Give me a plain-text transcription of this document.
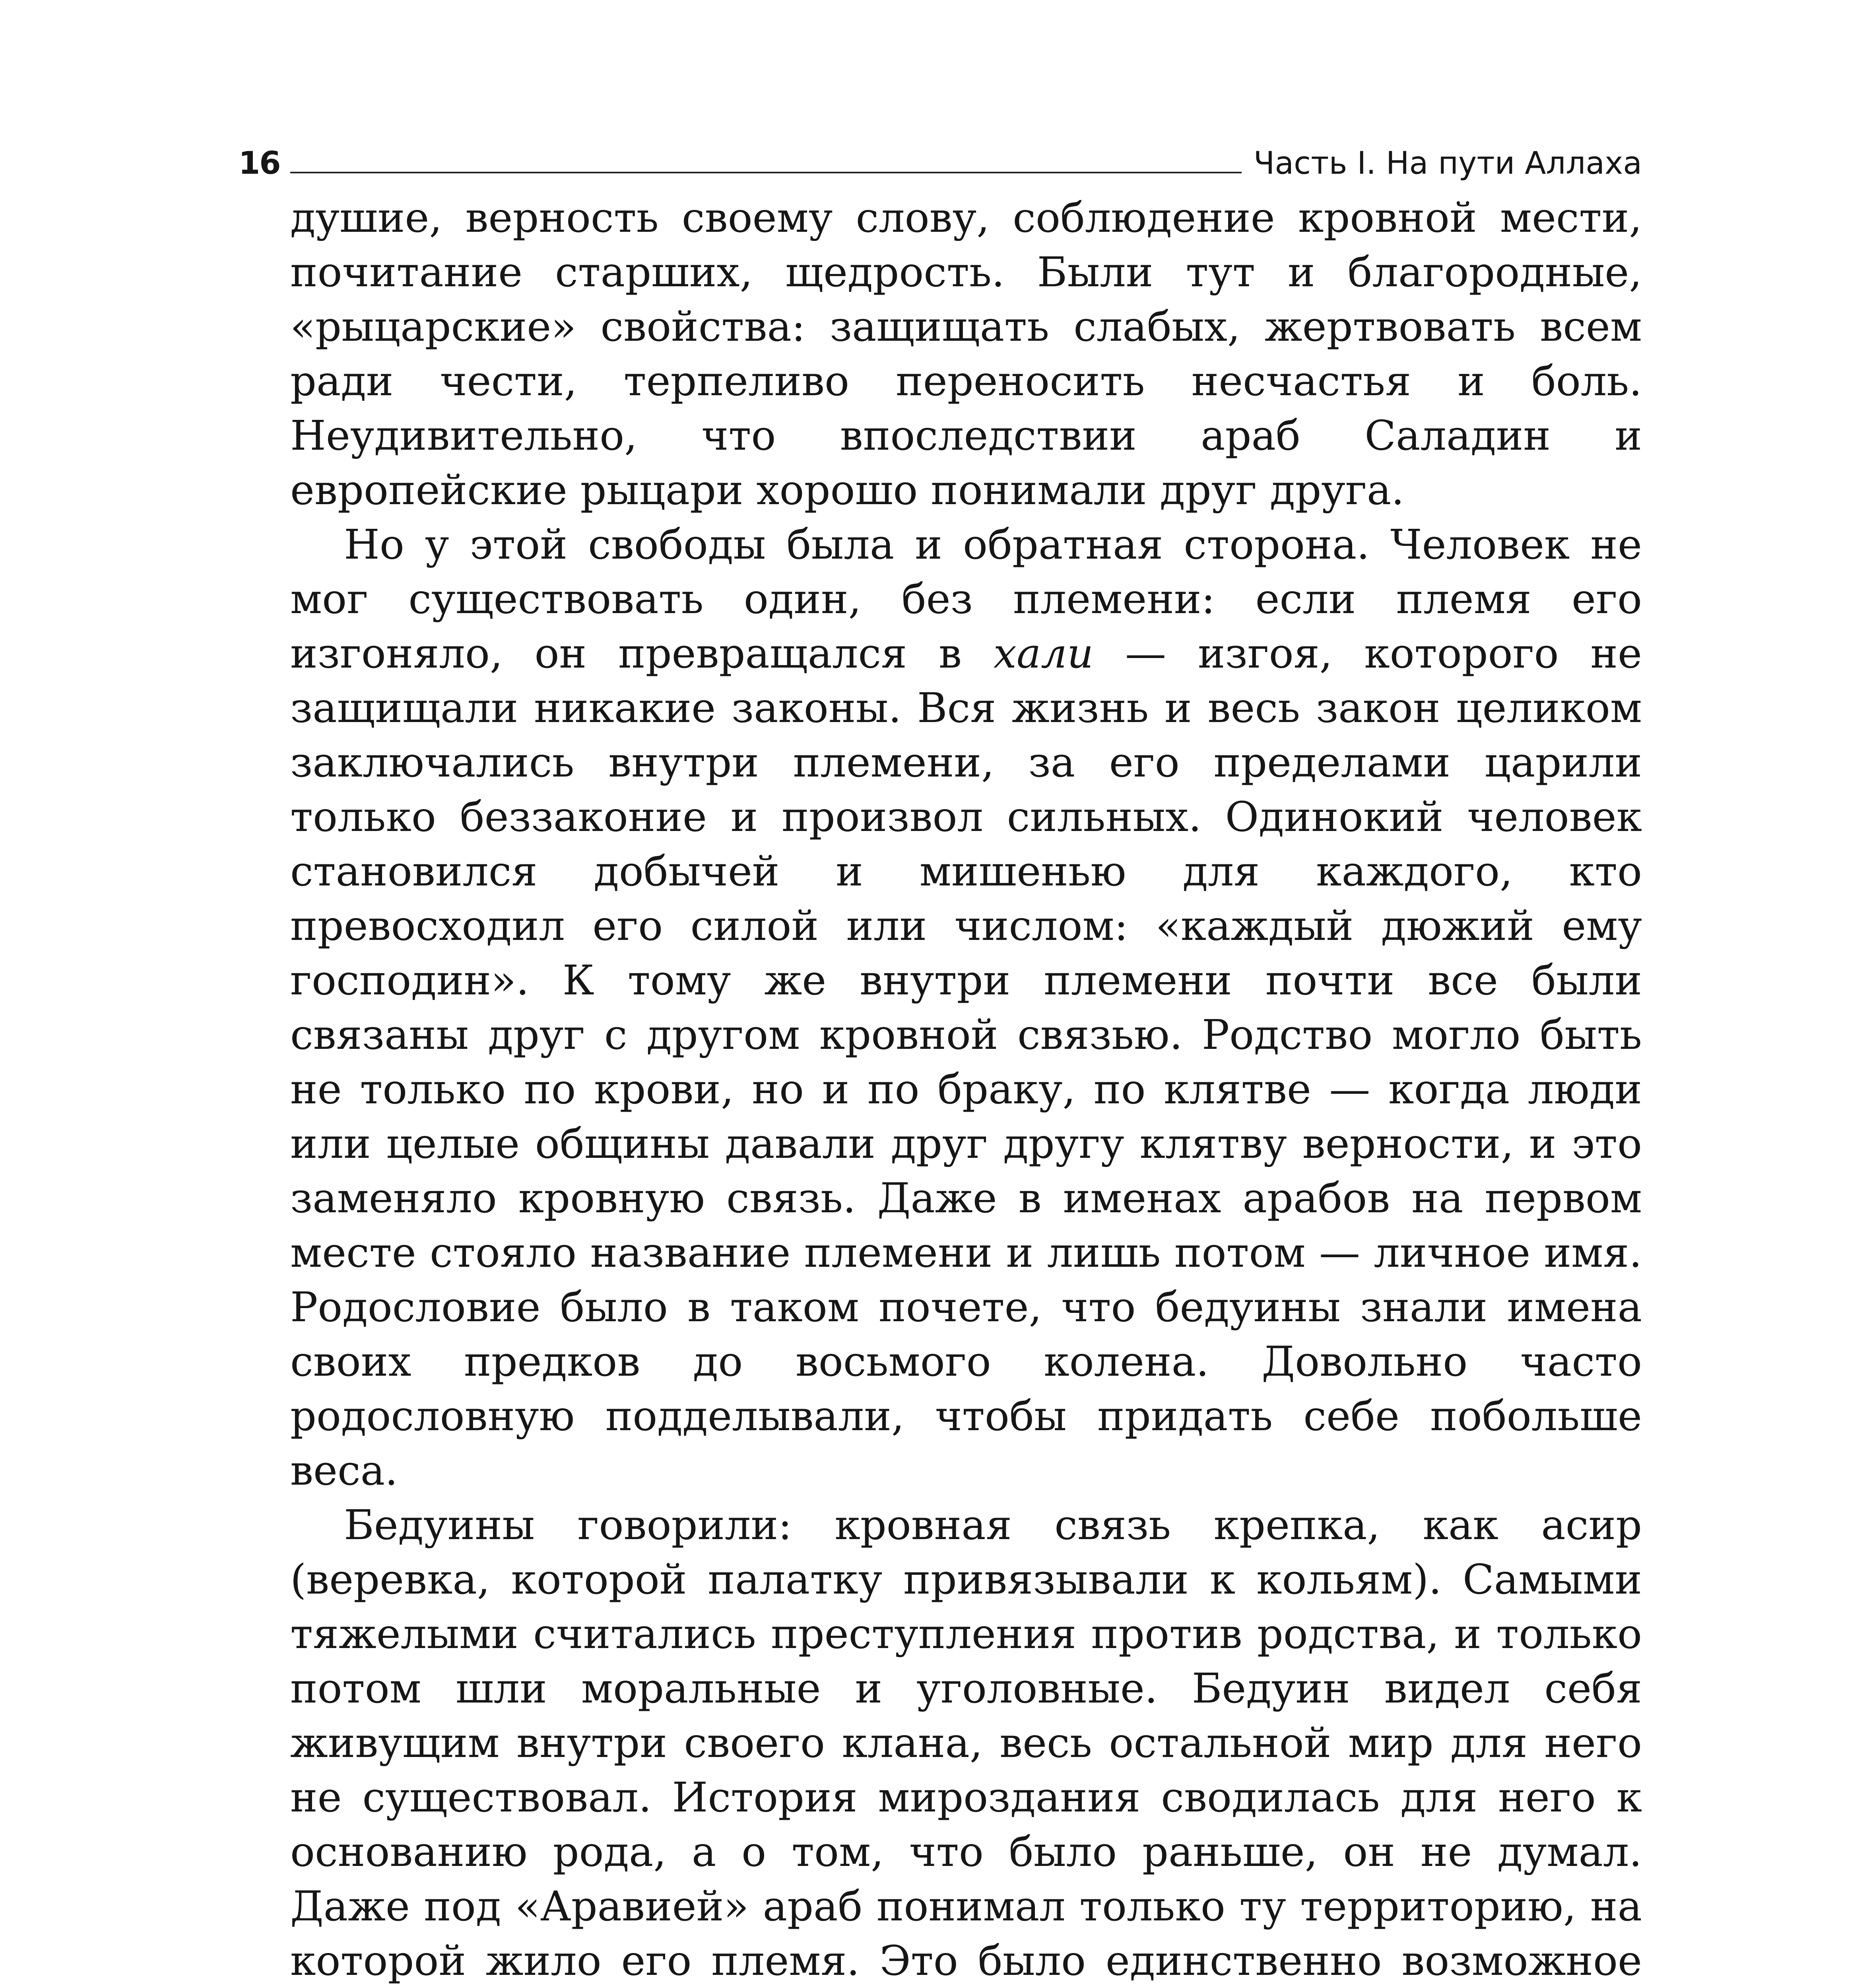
16	Часть I. На пути Аллаха

душие, верность своему слову, соблюдение кровной мести, почитание старших, щедрость. Были тут и благородные, «рыцарские» свойства: защищать слабых, жертвовать всем ради чести, терпеливо переносить несчастья и боль. Неудивительно, что впоследствии араб Саладин и европейские рыцари хорошо понимали друг друга.

Но у этой свободы была и обратная сторона. Человек не мог существовать один, без племени: если племя его изгоняло, он превращался в хали — изгоя, которого не защищали никакие законы. Вся жизнь и весь закон целиком заключались внутри племени, за его пределами царили только беззаконие и произвол сильных. Одинокий человек становился добычей и мишенью для каждого, кто превосходил его силой или числом: «каждый дюжий ему господин». К тому же внутри племени почти все были связаны друг с другом кровной связью. Родство могло быть не только по крови, но и по браку, по клятве — когда люди или целые общины давали друг другу клятву верности, и это заменяло кровную связь. Даже в именах арабов на первом месте стояло название племени и лишь потом — личное имя. Родословие было в таком почете, что бедуины знали имена своих предков до восьмого колена. Довольно часто родословную подделывали, чтобы придать себе побольше веса.

Бедуины говорили: кровная связь крепка, как асир (веревка, которой палатку привязывали к кольям). Самыми тяжелыми считались преступления против родства, и только потом шли моральные и уголовные. Бедуин видел себя живущим внутри своего клана, весь остальной мир для него не существовал. История мироздания сводилась для него к основанию рода, а о том, что было раньше, он не думал. Даже под «Аравией» араб понимал только ту территорию, на которой жило его племя. Это было единственно возможное
